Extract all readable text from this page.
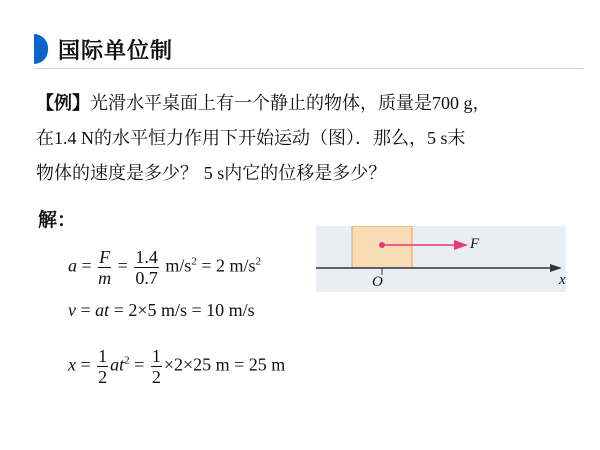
国际单位制
【例】光滑水平桌面上有一个静止的物体，质量是700 g，
在1.4 N的水平恒力作用下开始运动（图）．那么，5 s末
物体的速度是多少？ 5 s内它的位移是多少？
解：
$a = \frac{F}{m} = \frac{1.4}{0.7} m/s^2 = 2$ $m/s^2$
v = at = 2×5 m/s = 10 m/s
$x = \frac{1}{2} at^2 = \frac{1}{2} \times 2\times 25$ m = 25 m
F
O	x
